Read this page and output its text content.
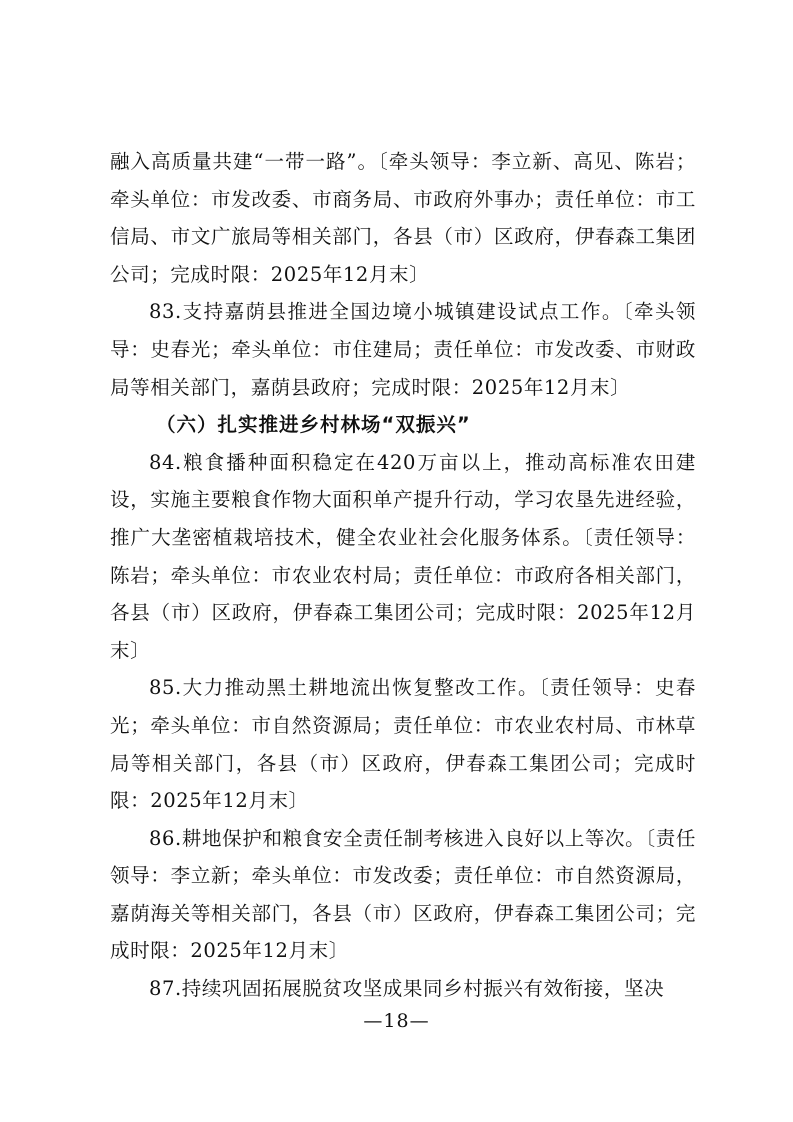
融入高质量共建“一带一路”。〔牵头领导：李立新、高见、陈岩；牵头单位：市发改委、市商务局、市政府外事办；责任单位：市工信局、市文广旅局等相关部门，各县（市）区政府，伊春森工集团公司；完成时限：2025年12月末〕

83.支持嘉荫县推进全国边境小城镇建设试点工作。〔牵头领导：史春光；牵头单位：市住建局；责任单位：市发改委、市财政局等相关部门，嘉荫县政府；完成时限：2025年12月末〕

（六）扎实推进乡村林场“双振兴”

84.粮食播种面积稳定在420万亩以上，推动高标准农田建设，实施主要粮食作物大面积单产提升行动，学习农垦先进经验，推广大垄密植栽培技术，健全农业社会化服务体系。〔责任领导：陈岩；牵头单位：市农业农村局；责任单位：市政府各相关部门，各县（市）区政府，伊春森工集团公司；完成时限：2025年12月末〕

85.大力推动黑土耕地流出恢复整改工作。〔责任领导：史春光；牵头单位：市自然资源局；责任单位：市农业农村局、市林草局等相关部门，各县（市）区政府，伊春森工集团公司；完成时限：2025年12月末〕

86.耕地保护和粮食安全责任制考核进入良好以上等次。〔责任领导：李立新；牵头单位：市发改委；责任单位：市自然资源局，嘉荫海关等相关部门，各县（市）区政府，伊春森工集团公司；完成时限：2025年12月末〕

87.持续巩固拓展脱贫攻坚成果同乡村振兴有效衔接，坚决

—18—
